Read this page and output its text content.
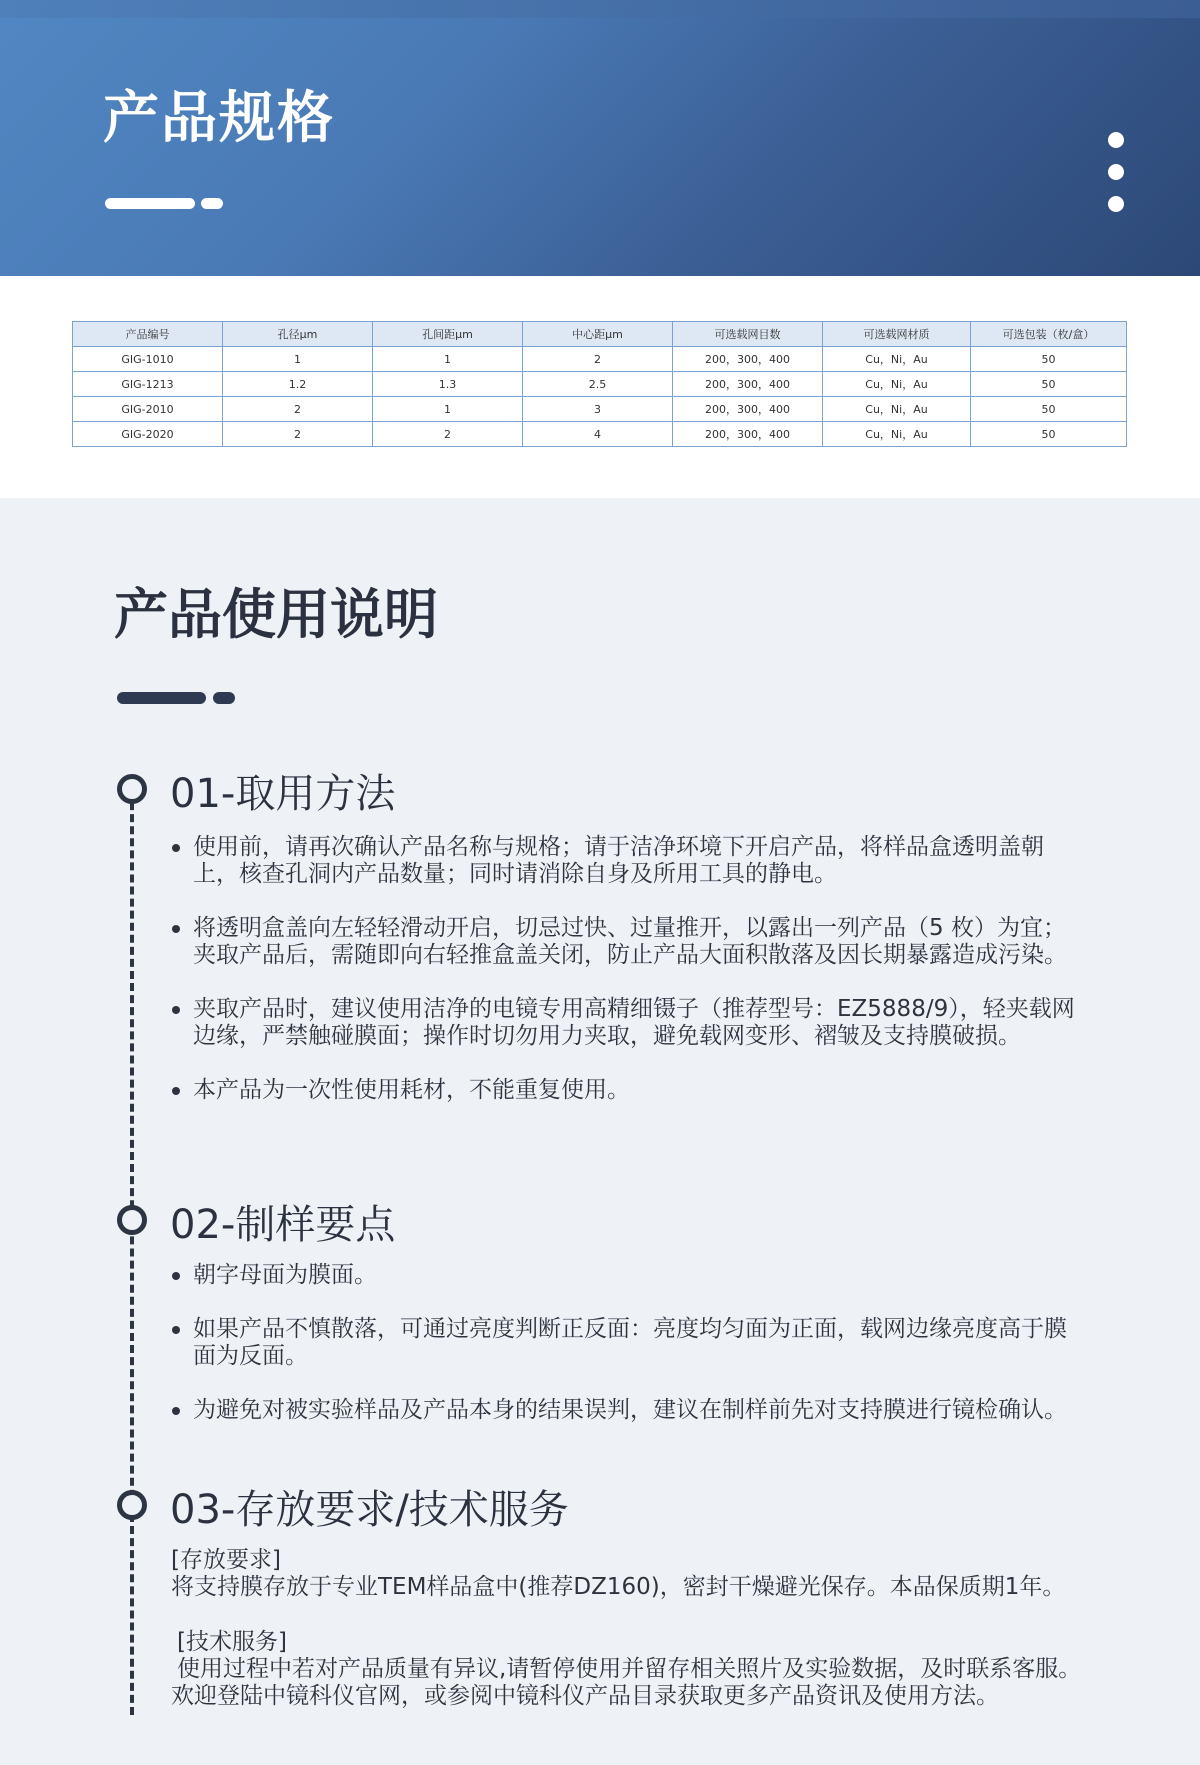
产品规格
产品编号	孔径μm	孔间距μm	中心距μm	可选载网目数	可选载网材质	可选包装（枚/盒）
GIG-1010	1	1	2	200，300，400	Cu，Ni，Au	50
GIG-1213	1.2	1.3	2.5	200，300，400	Cu，Ni，Au	50
GIG-2010	2	1	3	200，300，400	Cu，Ni，Au	50
GIG-2020	2	2	4	200，300，400	Cu，Ni，Au	50
产品使用说明
01-取用方法
使用前，请再次确认产品名称与规格；请于洁净环境下开启产品，将样品盒透明盖朝上，核查孔洞内产品数量；同时请消除自身及所用工具的静电。
将透明盒盖向左轻轻滑动开启，切忌过快、过量推开，以露出一列产品（5 枚）为宜；夹取产品后，需随即向右轻推盒盖关闭，防止产品大面积散落及因长期暴露造成污染。
夹取产品时，建议使用洁净的电镜专用高精细镊子（推荐型号：EZ5888/9），轻夹载网边缘，严禁触碰膜面；操作时切勿用力夹取，避免载网变形、褶皱及支持膜破损。
本产品为一次性使用耗材，不能重复使用。
02-制样要点
朝字母面为膜面。
如果产品不慎散落，可通过亮度判断正反面：亮度均匀面为正面，载网边缘亮度高于膜面为反面。
为避免对被实验样品及产品本身的结果误判，建议在制样前先对支持膜进行镜检确认。
03-存放要求/技术服务

[存放要求]

将支持膜存放于专业TEM样品盒中(推荐DZ160)，密封干燥避光保存。本品保质期1年。

[技术服务]

使用过程中若对产品质量有异议,请暂停使用并留存相关照片及实验数据，及时联系客服。

欢迎登陆中镜科仪官网，或参阅中镜科仪产品目录获取更多产品资讯及使用方法。
